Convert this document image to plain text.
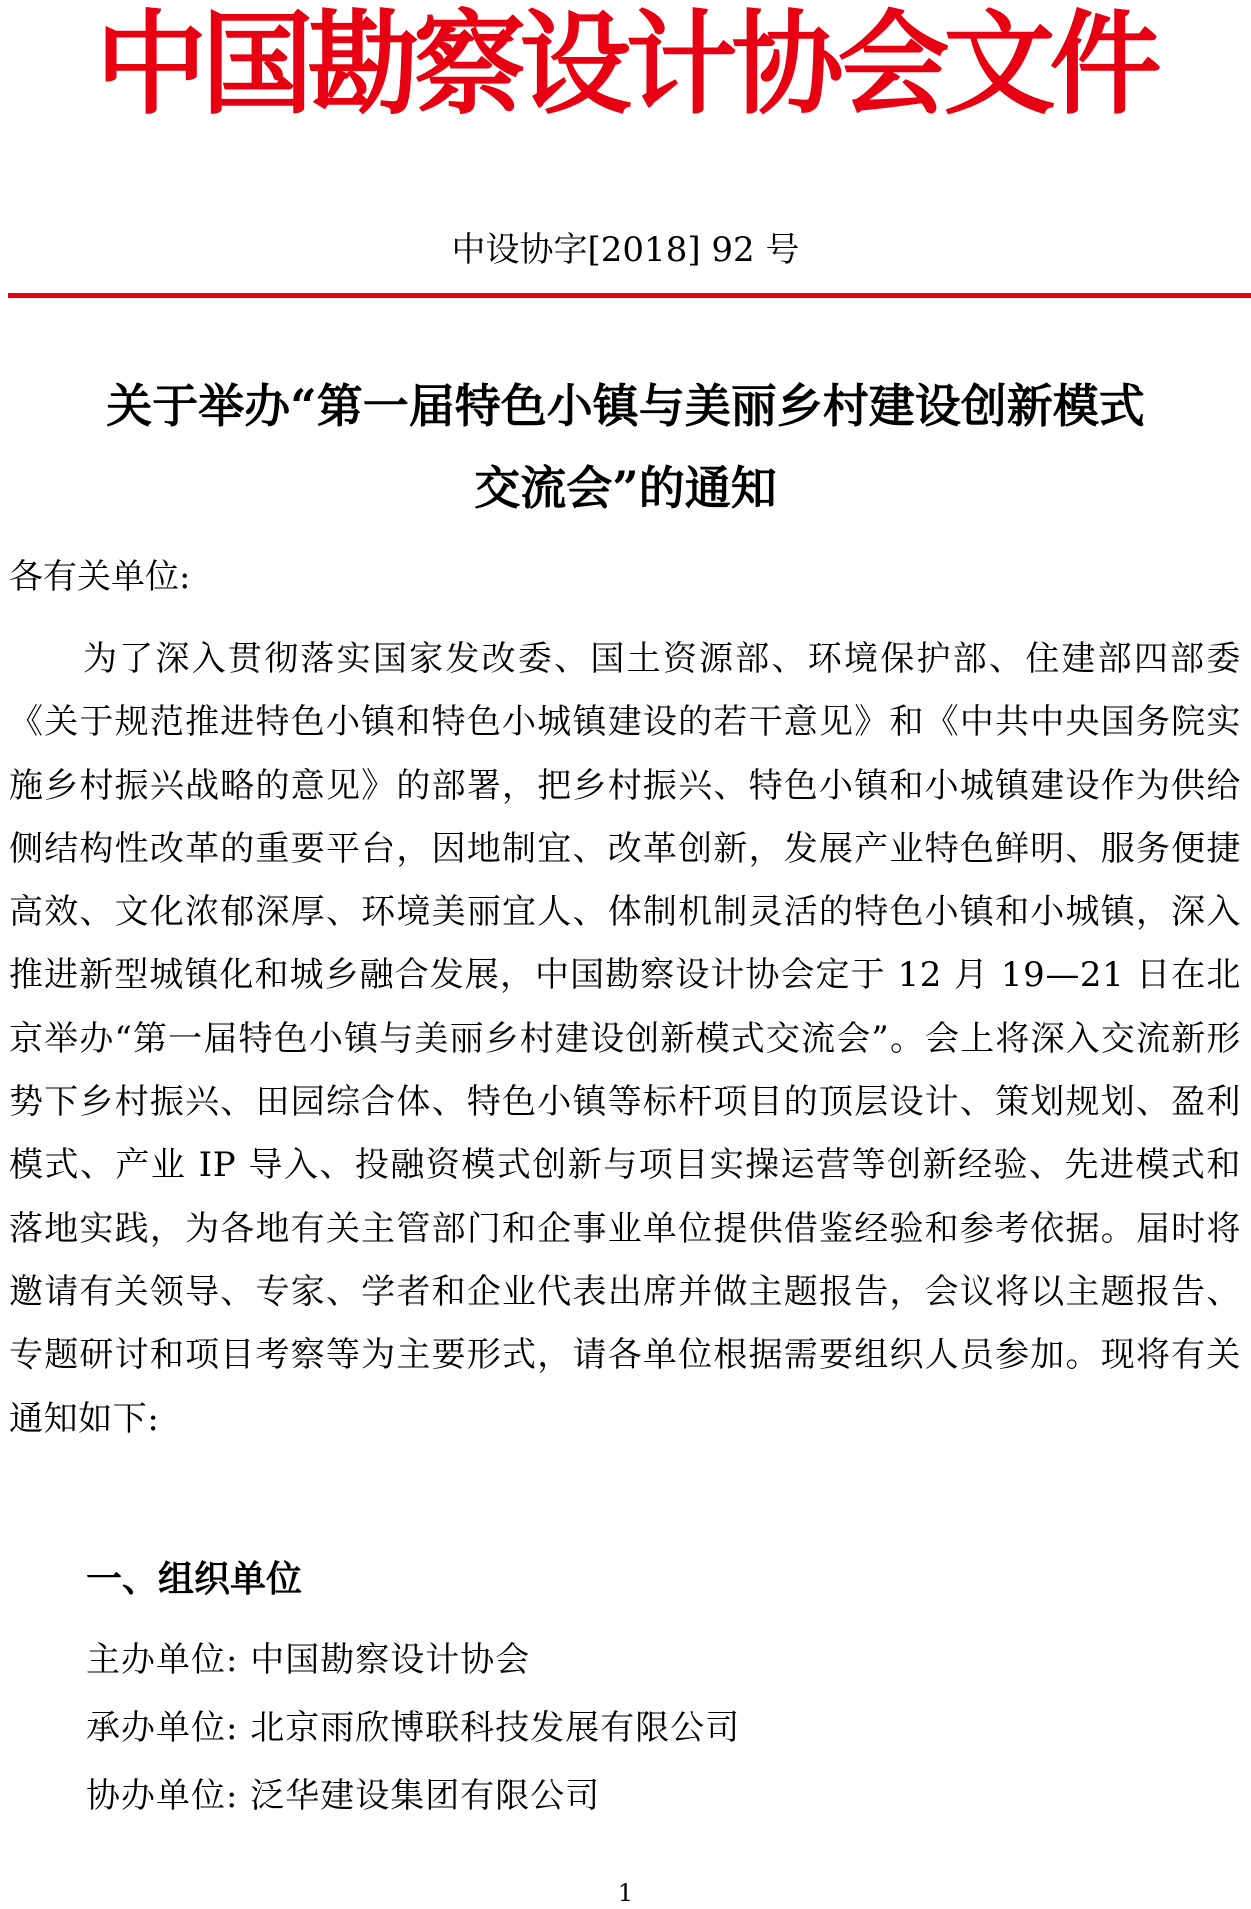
中国勘察设计协会文件
中设协字[2018] 92 号
关于举办“第一届特色小镇与美丽乡村建设创新模式
交流会”的通知
各有关单位:
为了深入贯彻落实国家发改委、国土资源部、环境保护部、住建部四部委《关于规范推进特色小镇和特色小城镇建设的若干意见》和《中共中央国务院实施乡村振兴战略的意见》的部署，把乡村振兴、特色小镇和小城镇建设作为供给侧结构性改革的重要平台，因地制宜、改革创新，发展产业特色鲜明、服务便捷高效、文化浓郁深厚、环境美丽宜人、体制机制灵活的特色小镇和小城镇，深入推进新型城镇化和城乡融合发展，中国勘察设计协会定于 12 月 19—21 日在北京举办“第一届特色小镇与美丽乡村建设创新模式交流会”。会上将深入交流新形势下乡村振兴、田园综合体、特色小镇等标杆项目的顶层设计、策划规划、盈利模式、产业 IP 导入、投融资模式创新与项目实操运营等创新经验、先进模式和落地实践，为各地有关主管部门和企事业单位提供借鉴经验和参考依据。届时将邀请有关领导、专家、学者和企业代表出席并做主题报告，会议将以主题报告、专题研讨和项目考察等为主要形式，请各单位根据需要组织人员参加。现将有关通知如下:
一、组织单位
主办单位: 中国勘察设计协会
承办单位: 北京雨欣博联科技发展有限公司
协办单位: 泛华建设集团有限公司
1
